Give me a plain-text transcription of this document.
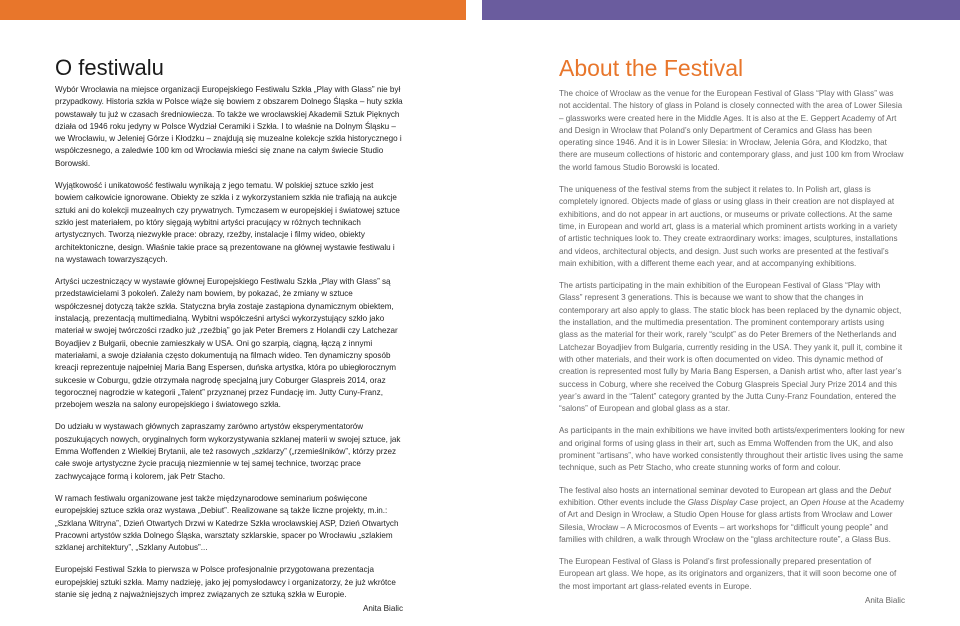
O festiwalu	About the Festival

Wybór Wrocławia na miejsce organizacji Europejskiego Festiwalu Szkła „Play with Glass” nie był przypadkowy. Historia szkła w Polsce wiąże się bowiem z obszarem Dolnego Śląska – huty szkła powstawały tu już w czasach średniowiecza. To także we wrocławskiej Akademii Sztuk Pięknych działa od 1946 roku jedyny w Polsce Wydział Ceramiki i Szkła. I to właśnie na Dolnym Śląsku – we Wrocławiu, w Jeleniej Górze i Kłodzku – znajdują się muzealne kolekcje szkła historycznego i współczesnego, a zaledwie 100 km od Wrocławia mieści się znane na całym świecie Studio Borowski.

Wyjątkowość i unikatowość festiwalu wynikają z jego tematu. W polskiej sztuce szkło jest bowiem całkowicie ignorowane. Obiekty ze szkła i z wykorzystaniem szkła nie trafiają na aukcje sztuki ani do kolekcji muzealnych czy prywatnych. Tymczasem w europejskiej i światowej sztuce szkło jest materiałem, po który sięgają wybitni artyści pracujący w różnych technikach artystycznych. Tworzą niezwykłe prace: obrazy, rzeźby, instalacje i filmy wideo, obiekty architektoniczne, design. Właśnie takie prace są prezentowane na głównej wystawie festiwalu i na wystawach towarzyszących.

Artyści uczestniczący w wystawie głównej Europejskiego Festiwalu Szkła „Play with Glass” są przedstawicielami 3 pokoleń. Zależy nam bowiem, by pokazać, że zmiany w sztuce współczesnej dotyczą także szkła. Statyczna bryła zostaje zastąpiona dynamicznym obiektem, instalacją, prezentacją multimedialną. Wybitni współcześni artyści wykorzystujący szkło jako materiał w swojej twórczości rzadko już „rzeźbią” go jak Peter Bremers z Holandii czy Latchezar Boyadjiev z Bułgarii, obecnie zamieszkały w USA. Oni go szarpią, ciągną, łączą z innymi materiałami, a swoje działania często dokumentują na filmach wideo. Ten dynamiczny sposób kreacji reprezentuje najpełniej Maria Bang Espersen, duńska artystka, która po ubiegłorocznym sukcesie w Coburgu, gdzie otrzymała nagrodę specjalną jury Coburger Glaspreis 2014, oraz tegorocznej nagrodzie w kategorii „Talent” przyznanej przez Fundację im. Jutty Cuny-Franz, przebojem weszła na salony europejskiego i światowego szkła.

Do udziału w wystawach głównych zapraszamy zarówno artystów eksperymentatorów poszukujących nowych, oryginalnych form wykorzystywania szklanej materii w swojej sztuce, jak Emma Woffenden z Wielkiej Brytanii, ale też rasowych „szklarzy” („rzemieślników”, którzy przez całe swoje artystyczne życie pracują niezmiennie w tej samej technice, tworząc prace zachwycające formą i kolorem, jak Petr Stacho.

W ramach festiwalu organizowane jest także międzynarodowe seminarium poświęcone europejskiej sztuce szkła oraz wystawa „Debiut”. Realizowane są także liczne projekty, m.in.: „Szklana Witryna”, Dzień Otwartych Drzwi w Katedrze Szkła wrocławskiej ASP, Dzień Otwartych Pracowni artystów szkła Dolnego Śląska, warsztaty szklarskie, spacer po Wrocławiu „szlakiem szklanej architektury”, „Szklany Autobus”...

Europejski Festiwal Szkła to pierwsza w Polsce profesjonalnie przygotowana prezentacja europejskiej sztuki szkła. Mamy nadzieję, jako jej pomysłodawcy i organizatorzy, że już wkrótce stanie się jedną z najważniejszych imprez związanych ze sztuką szkła w Europie.

Anita Bialic

The choice of Wrocław as the venue for the European Festival of Glass “Play with Glass” was not accidental. The history of glass in Poland is closely connected with the area of Lower Silesia – glassworks were created here in the Middle Ages. It is also at the E. Geppert Academy of Art and Design in Wrocław that Poland’s only Department of Ceramics and Glass has been operating since 1946. And it is in Lower Silesia: in Wrocław, Jelenia Góra, and Kłodzko, that there are museum collections of historic and contemporary glass, and just 100 km from Wrocław the world famous Studio Borowski is located.

The uniqueness of the festival stems from the subject it relates to. In Polish art, glass is completely ignored. Objects made of glass or using glass in their creation are not displayed at exhibitions, and do not appear in art auctions, or museums or private collections. At the same time, in European and world art, glass is a material which prominent artists working in a variety of artistic techniques look to. They create extraordinary works: images, sculptures, installations and videos, architectural objects, and design. Just such works are presented at the festival’s main exhibition, with a different theme each year, and at accompanying exhibitions.

The artists participating in the main exhibition of the European Festival of Glass “Play with Glass” represent 3 generations. This is because we want to show that the changes in contemporary art also apply to glass. The static block has been replaced by the dynamic object, the installation, and the multimedia presentation. The prominent contemporary artists using glass as the material for their work, rarely “sculpt” as do Peter Bremers of the Netherlands and Latchezar Boyadjiev from Bulgaria, currently residing in the USA. They yank it, pull it, combine it with other materials, and their work is often documented on video. This dynamic method of creation is represented most fully by Maria Bang Espersen, a Danish artist who, after last year’s success in Coburg, where she received the Coburg Glaspreis Special Jury Prize 2014 and this year’s award in the “Talent” category granted by the Jutta Cuny-Franz Foundation, entered the “salons” of European and global glass as a star.

As participants in the main exhibitions we have invited both artists/experimenters looking for new and original forms of using glass in their art, such as Emma Woffenden from the UK, and also prominent “artisans”, who have worked consistently throughout their artistic lives using the same technique, such as Petr Stacho, who create stunning works of form and colour.

The festival also hosts an international seminar devoted to European art glass and the Debut exhibition. Other events include the Glass Display Case project, an Open House at the Academy of Art and Design in Wrocław, a Studio Open House for glass artists from Wrocław and Lower Silesia, Wrocław – A Microcosmos of Events – art workshops for “difficult young people” and families with children, a walk through Wrocław on the “glass architecture route”, a Glass Bus.

The European Festival of Glass is Poland’s first professionally prepared presentation of European art glass. We hope, as its originators and organizers, that it will soon become one of the most important art glass-related events in Europe.

Anita Bialic
